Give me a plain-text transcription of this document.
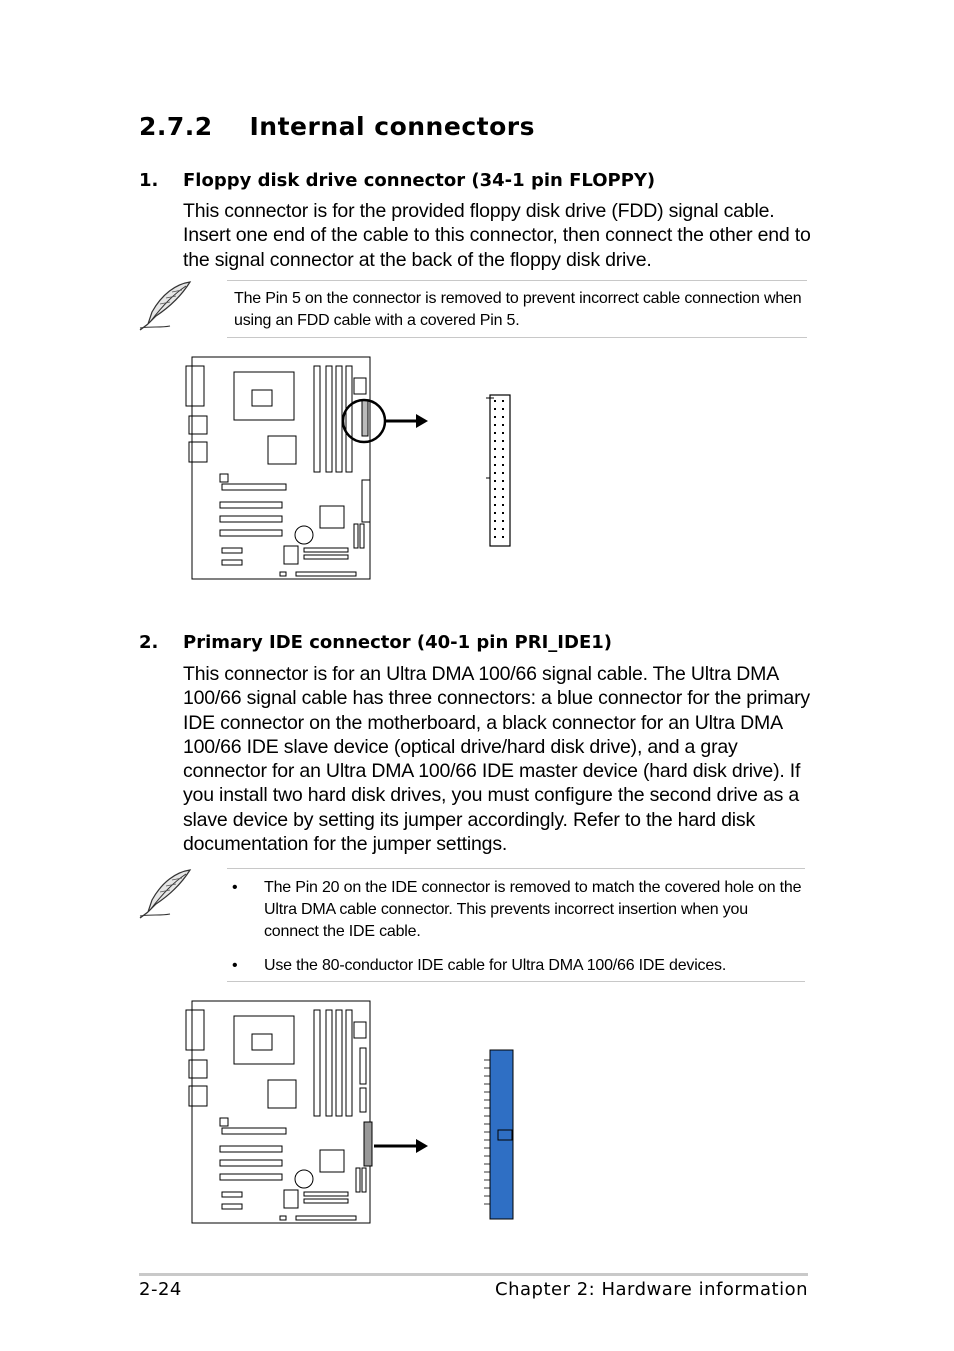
2.7.2    Internal connectors
1. Floppy disk drive connector (34-1 pin FLOPPY)

This connector is for the provided floppy disk drive (FDD) signal cable. Insert one end of the cable to this connector, then connect the other end to the signal connector at the back of the floppy disk drive.

The Pin 5 on the connector is removed to prevent incorrect cable connection when using an FDD cable with a covered Pin 5.

2. Primary IDE connector (40-1 pin PRI_IDE1)

This connector is for an Ultra DMA 100/66 signal cable. The Ultra DMA 100/66 signal cable has three connectors: a blue connector for the primary IDE connector on the motherboard, a black connector for an Ultra DMA 100/66 IDE slave device (optical drive/hard disk drive), and a gray connector for an Ultra DMA 100/66 IDE master device (hard disk drive). If you install two hard disk drives, you must configure the second drive as a slave device by setting its jumper accordingly. Refer to the hard disk documentation for the jumper settings.

• The Pin 20 on the IDE connector is removed to match the covered hole on the Ultra DMA cable connector. This prevents incorrect insertion when you connect the IDE cable.
• Use the 80-conductor IDE cable for Ultra DMA 100/66 IDE devices.
2-24	Chapter 2: Hardware information
